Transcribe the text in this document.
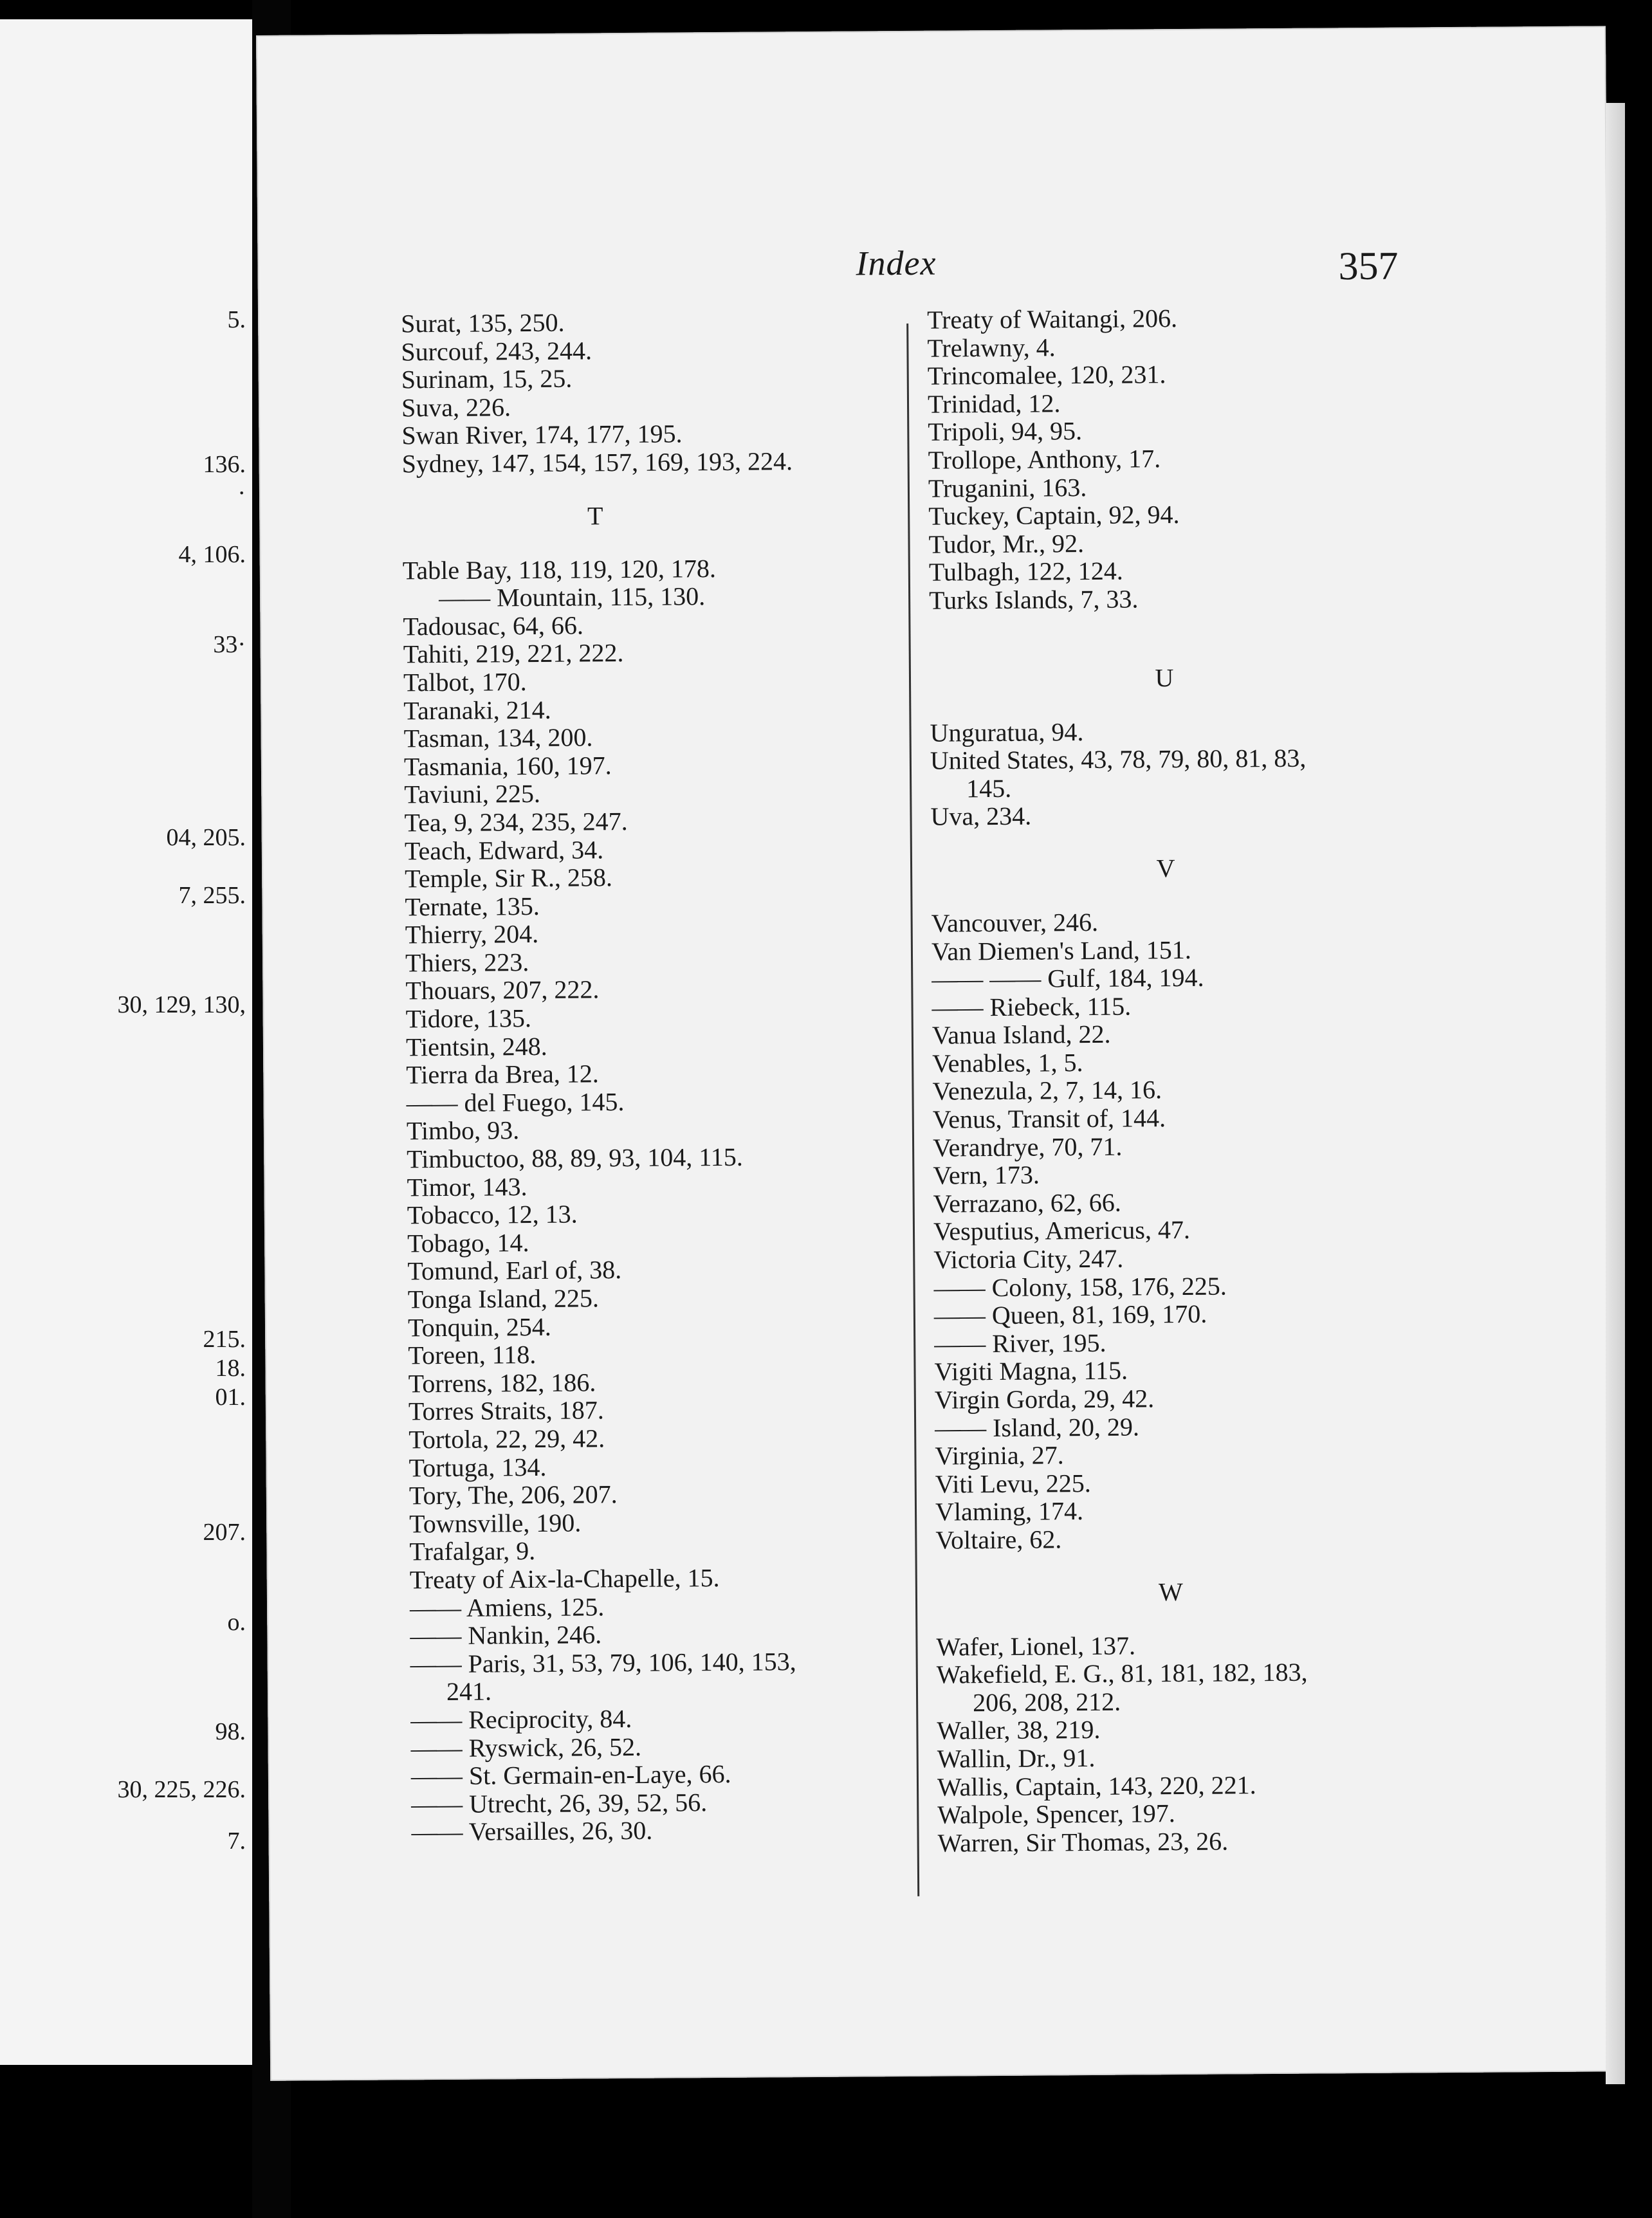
5.
136.
·
4, 106.
33·
04, 205.
7, 255.
30, 129, 130,
215.
18.
01.
207.
o.
98.
30, 225, 226.
7.
Index	357
Surat, 135, 250.
Surcouf, 243, 244.
Surinam, 15, 25.
Suva, 226.
Swan River, 174, 177, 195.
Sydney, 147, 154, 157, 169, 193, 224.
T
Table Bay, 118, 119, 120, 178.
—— Mountain, 115, 130.
Tadousac, 64, 66.
Tahiti, 219, 221, 222.
Talbot, 170.
Taranaki, 214.
Tasman, 134, 200.
Tasmania, 160, 197.
Taviuni, 225.
Tea, 9, 234, 235, 247.
Teach, Edward, 34.
Temple, Sir R., 258.
Ternate, 135.
Thierry, 204.
Thiers, 223.
Thouars, 207, 222.
Tidore, 135.
Tientsin, 248.
Tierra da Brea, 12.
—— del Fuego, 145.
Timbo, 93.
Timbuctoo, 88, 89, 93, 104, 115.
Timor, 143.
Tobacco, 12, 13.
Tobago, 14.
Tomund, Earl of, 38.
Tonga Island, 225.
Tonquin, 254.
Toreen, 118.
Torrens, 182, 186.
Torres Straits, 187.
Tortola, 22, 29, 42.
Tortuga, 134.
Tory, The, 206, 207.
Townsville, 190.
Trafalgar, 9.
Treaty of Aix-la-Chapelle, 15.
—— Amiens, 125.
—— Nankin, 246.
—— Paris, 31, 53, 79, 106, 140, 153,
241.
—— Reciprocity, 84.
—— Ryswick, 26, 52.
—— St. Germain-en-Laye, 66.
—— Utrecht, 26, 39, 52, 56.
—— Versailles, 26, 30.
Treaty of Waitangi, 206.
Trelawny, 4.
Trincomalee, 120, 231.
Trinidad, 12.
Tripoli, 94, 95.
Trollope, Anthony, 17.
Truganini, 163.
Tuckey, Captain, 92, 94.
Tudor, Mr., 92.
Tulbagh, 122, 124.
Turks Islands, 7, 33.
U
Unguratua, 94.
United States, 43, 78, 79, 80, 81, 83,
145.
Uva, 234.
V
Vancouver, 246.
Van Diemen's Land, 151.
—— —— Gulf, 184, 194.
—— Riebeck, 115.
Vanua Island, 22.
Venables, 1, 5.
Venezula, 2, 7, 14, 16.
Venus, Transit of, 144.
Verandrye, 70, 71.
Vern, 173.
Verrazano, 62, 66.
Vesputius, Americus, 47.
Victoria City, 247.
—— Colony, 158, 176, 225.
—— Queen, 81, 169, 170.
—— River, 195.
Vigiti Magna, 115.
Virgin Gorda, 29, 42.
—— Island, 20, 29.
Virginia, 27.
Viti Levu, 225.
Vlaming, 174.
Voltaire, 62.
W
Wafer, Lionel, 137.
Wakefield, E. G., 81, 181, 182, 183,
206, 208, 212.
Waller, 38, 219.
Wallin, Dr., 91.
Wallis, Captain, 143, 220, 221.
Walpole, Spencer, 197.
Warren, Sir Thomas, 23, 26.
